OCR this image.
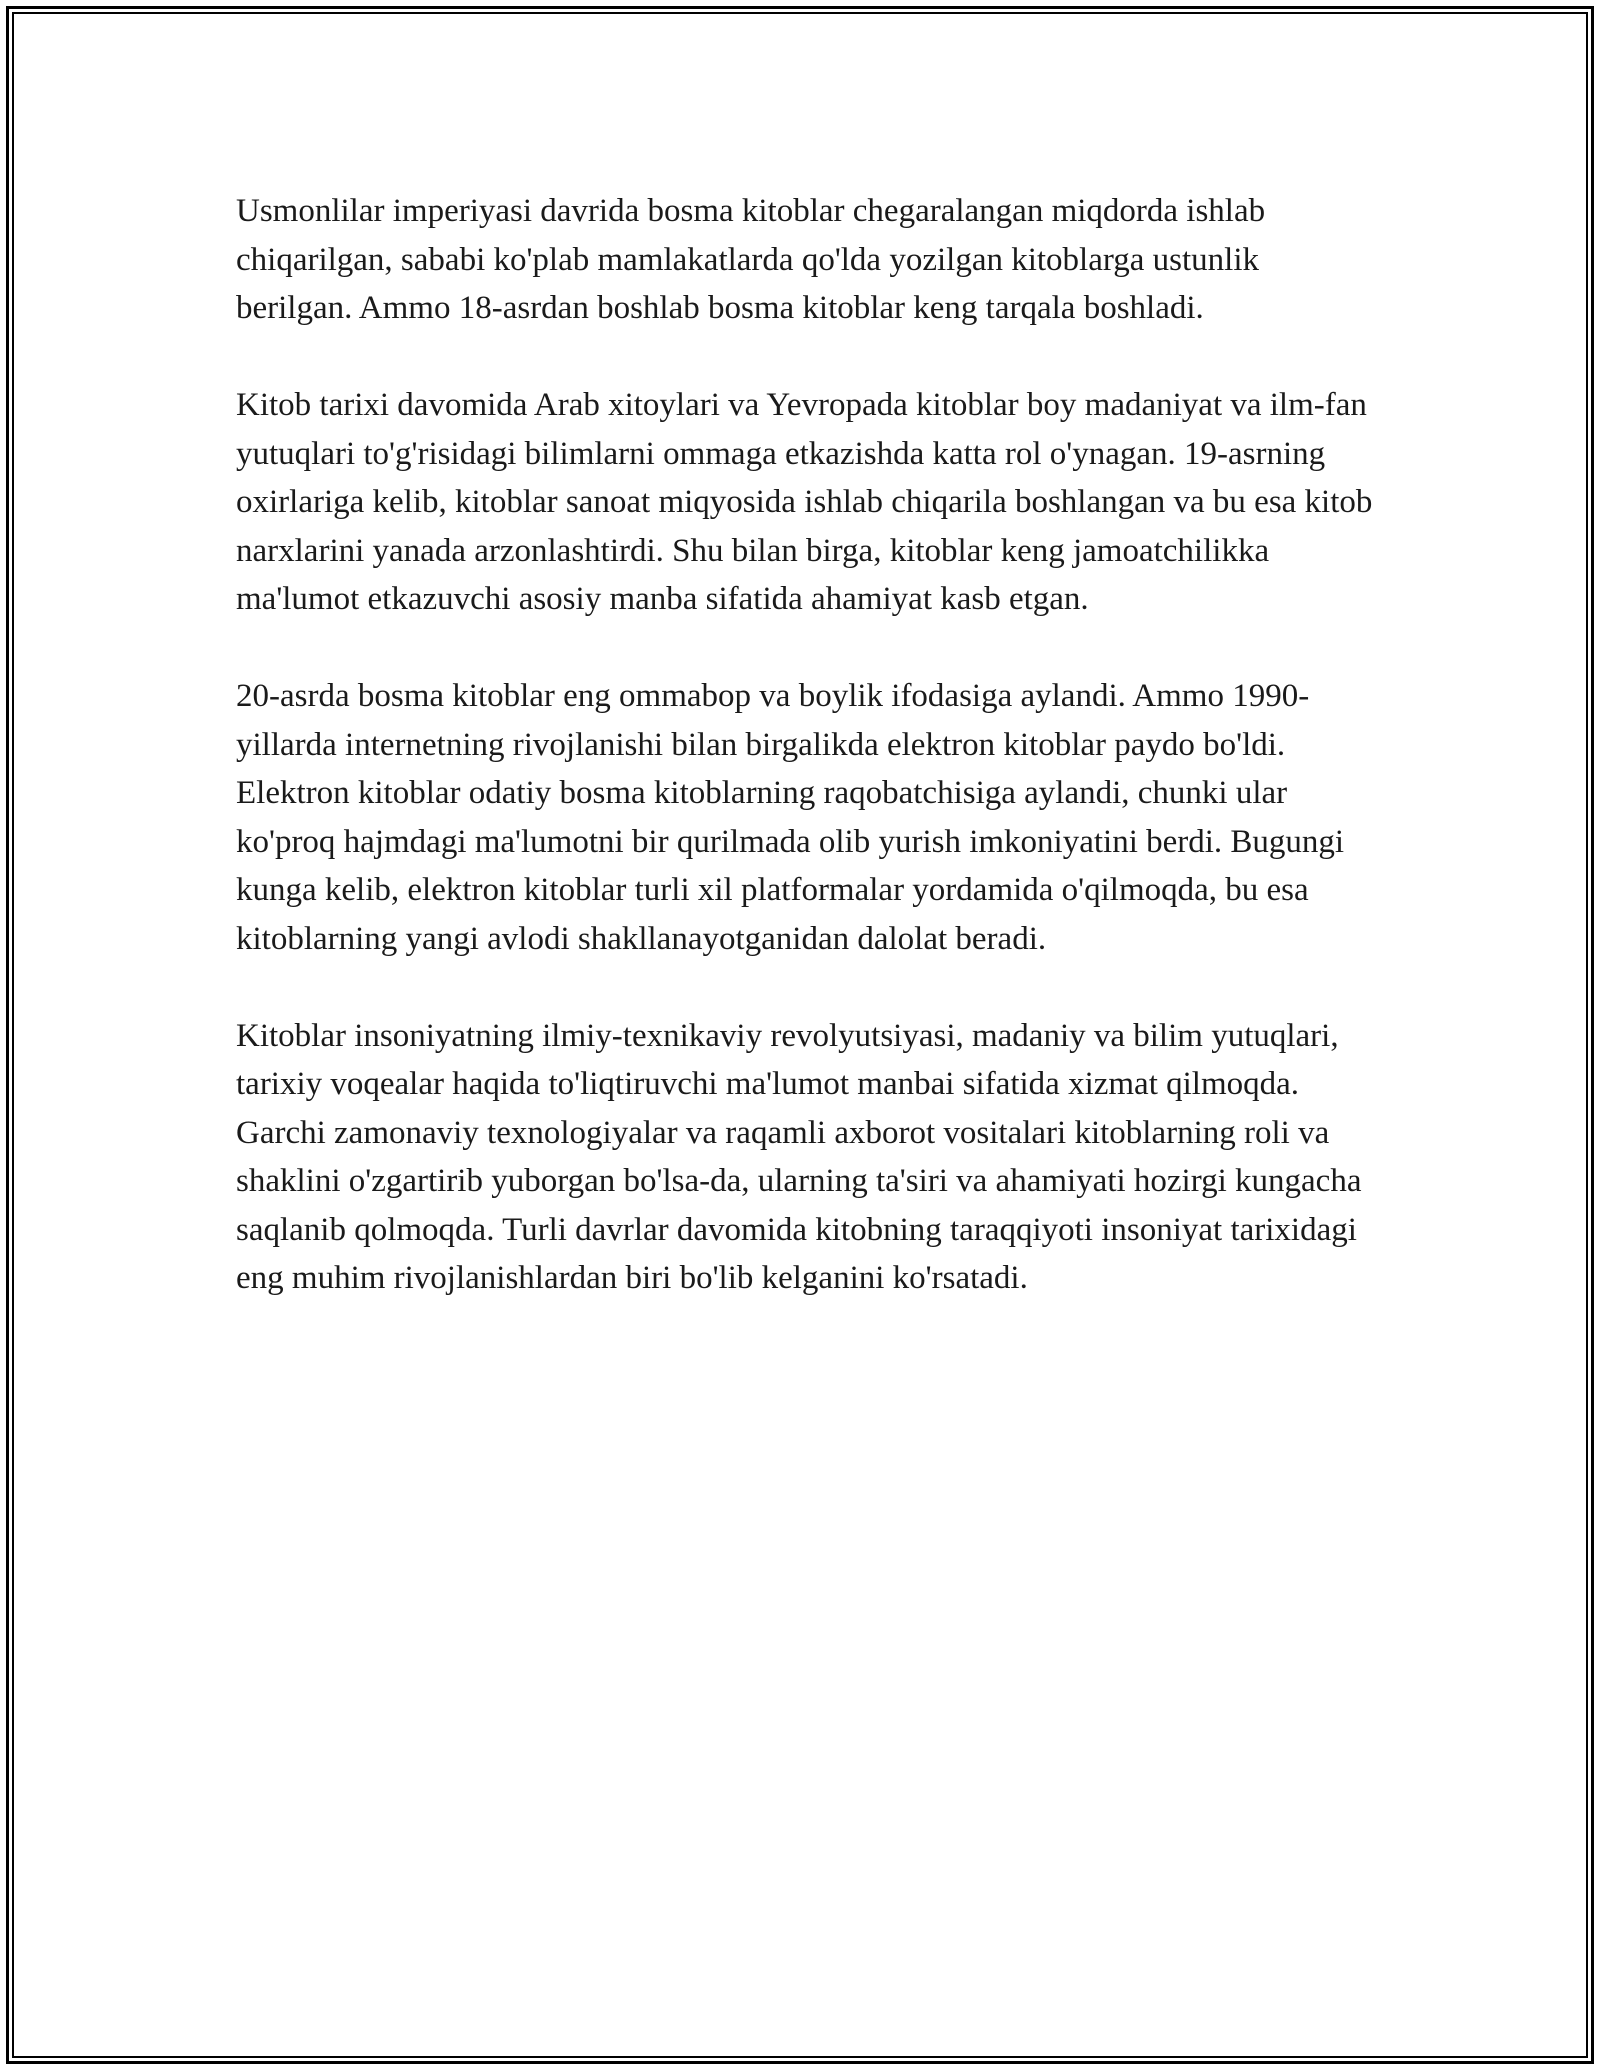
Usmonlilar imperiyasi davrida bosma kitoblar chegaralangan miqdorda ishlab chiqarilgan, sababi ko'plab mamlakatlarda qo'lda yozilgan kitoblarga ustunlik berilgan. Ammo 18-asrdan boshlab bosma kitoblar keng tarqala boshladi.

Kitob tarixi davomida Arab xitoylari va Yevropada kitoblar boy madaniyat va ilm-fan yutuqlari to'g'risidagi bilimlarni ommaga etkazishda katta rol o'ynagan. 19-asrning oxirlariga kelib, kitoblar sanoat miqyosida ishlab chiqarila boshlangan va bu esa kitob narxlarini yanada arzonlashtirdi. Shu bilan birga, kitoblar keng jamoatchilikka ma'lumot etkazuvchi asosiy manba sifatida ahamiyat kasb etgan.

20-asrda bosma kitoblar eng ommabop va boylik ifodasiga aylandi. Ammo 1990-yillarda internetning rivojlanishi bilan birgalikda elektron kitoblar paydo bo'ldi. Elektron kitoblar odatiy bosma kitoblarning raqobatchisiga aylandi, chunki ular ko'proq hajmdagi ma'lumotni bir qurilmada olib yurish imkoniyatini berdi. Bugungi kunga kelib, elektron kitoblar turli xil platformalar yordamida o'qilmoqda, bu esa kitoblarning yangi avlodi shakllanayotganidan dalolat beradi.

Kitoblar insoniyatning ilmiy-texnikaviy revolyutsiyasi, madaniy va bilim yutuqlari, tarixiy voqealar haqida to'liqtiruvchi ma'lumot manbai sifatida xizmat qilmoqda. Garchi zamonaviy texnologiyalar va raqamli axborot vositalari kitoblarning roli va shaklini o'zgartirib yuborgan bo'lsa-da, ularning ta'siri va ahamiyati hozirgi kungacha saqlanib qolmoqda. Turli davrlar davomida kitobning taraqqiyoti insoniyat tarixidagi eng muhim rivojlanishlardan biri bo'lib kelganini ko'rsatadi.
